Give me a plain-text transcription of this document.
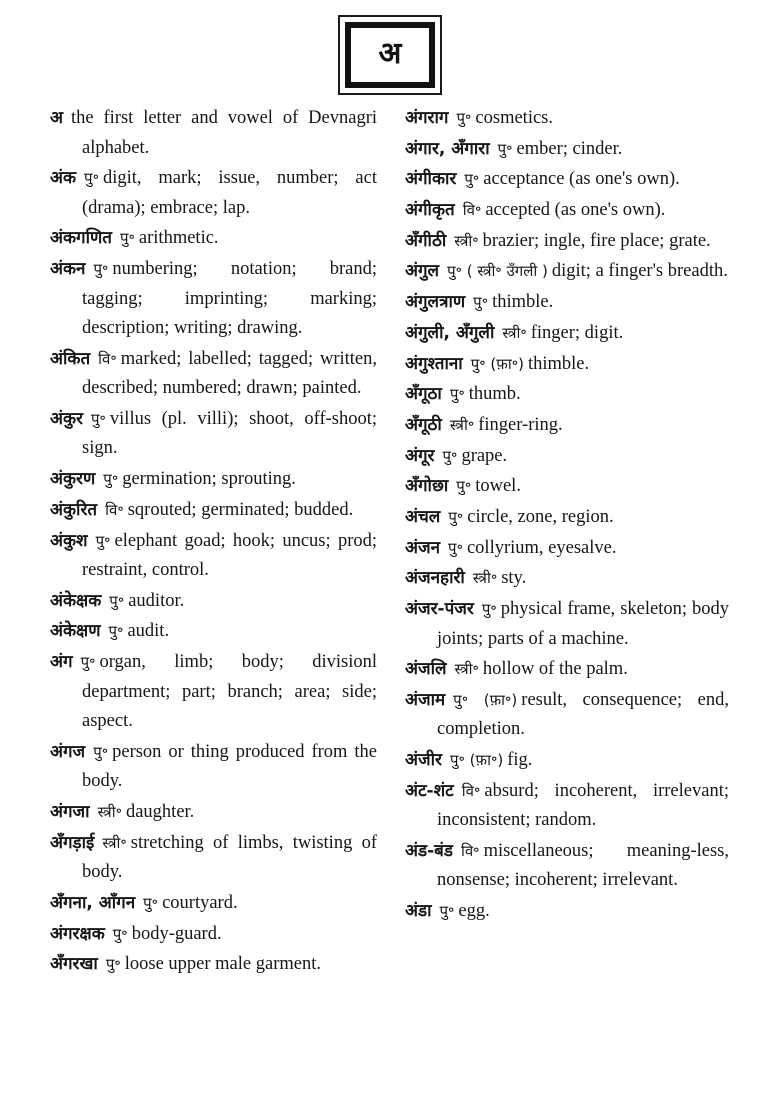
अ

अ the first letter and vowel of Devnagri alphabet.

अंक पु॰ digit, mark; issue, number; act (drama); embrace; lap.

अंकगणित पु॰ arithmetic.

अंकन पु॰ numbering; notation; brand; tagging; imprinting; marking; description; writing; drawing.

अंकित वि॰ marked; labelled; tagged; written, described; numbered; drawn; painted.

अंकुर पु॰ villus (pl. villi); shoot, off-shoot; sign.

अंकुरण पु॰ germination; sprouting.

अंकुरित वि॰ sqrouted; germinated; budded.

अंकुश पु॰ elephant goad; hook; uncus; prod; restraint, control.

अंकेक्षक पु॰ auditor.

अंकेक्षण पु॰ audit.

अंग पु॰ organ, limb; body; divisionl department; part; branch; area; side; aspect.

अंगज पु॰ person or thing produced from the body.

अंगजा स्त्री॰ daughter.

अँगड़ाई स्त्री॰ stretching of limbs, twisting of body.

अँगना, आँगन पु॰ courtyard.

अंगरक्षक पु॰ body-guard.

अँगरखा पु॰ loose upper male garment.

अंगराग पु॰ cosmetics.

अंगार, अँगारा पु॰ ember; cinder.

अंगीकार पु॰ acceptance (as one's own).

अंगीकृत वि॰ accepted (as one's own).

अँगीठी स्त्री॰ brazier; ingle, fire place; grate.

अंगुल पु॰ ( स्त्री॰ उँगली ) digit; a finger's breadth.

अंगुलत्राण पु॰ thimble.

अंगुली, अँगुली स्त्री॰ finger; digit.

अंगुश्ताना पु॰ (फ़ा॰) thimble.

अँगूठा पु॰ thumb.

अँगूठी स्त्री॰ finger-ring.

अंगूर पु॰ grape.

अँगोछा पु॰ towel.

अंचल पु॰ circle, zone, region.

अंजन पु॰ collyrium, eyesalve.

अंजनहारी स्त्री॰ sty.

अंजर-पंजर पु॰ physical frame, skeleton; body joints; parts of a machine.

अंजलि स्त्री॰ hollow of the palm.

अंजाम पु॰ (फ़ा॰) result, consequence; end, completion.

अंजीर पु॰ (फ़ा॰) fig.

अंट-शंट वि॰ absurd; incoherent, irrelevant; inconsistent; random.

अंड-बंड वि॰ miscellaneous; meaning-less, nonsense; incoherent; irrelevant.

अंडा पु॰ egg.
